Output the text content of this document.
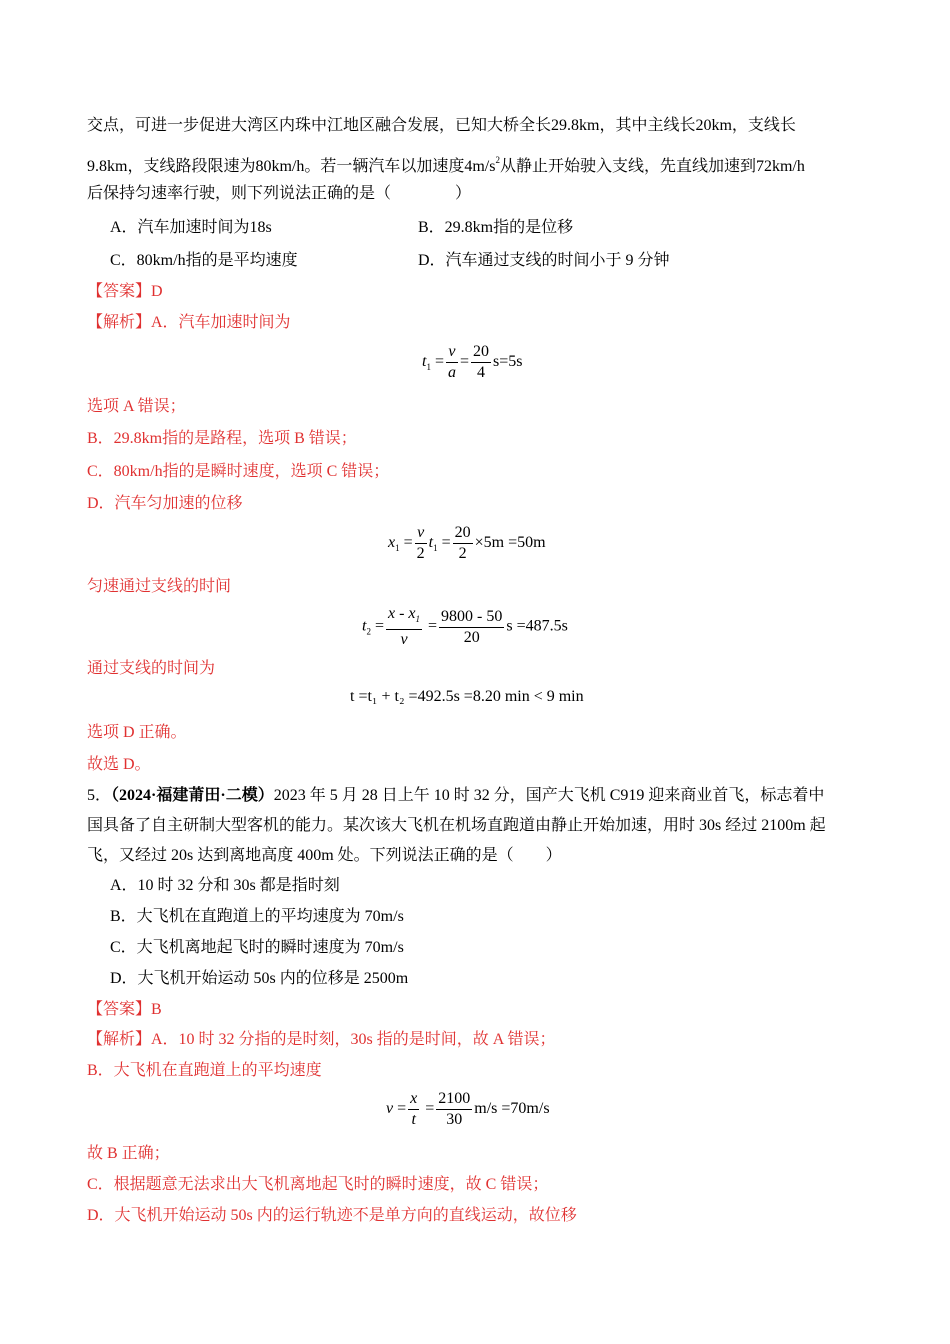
交点，可进一步促进大湾区内珠中江地区融合发展，已知大桥全长29.8km，其中主线长20km，支线长
9.8km，支线路段限速为80km/h。若一辆汽车以加速度$4m/s^2$从静止开始驶入支线，先直线加速到72km/h
后保持匀速率行驶，则下列说法正确的是（　　　　）
A．汽车加速时间为18s	B．29.8km指的是位移
C．80km/h指的是平均速度	D．汽车通过支线的时间小于 9 分钟
【答案】D
【解析】A．汽车加速时间为
$t_1 = \frac{v}{a} = \frac{20}{4} s=5s$
选项 A 错误；
B．29.8km指的是路程，选项 B 错误；
C．80km/h指的是瞬时速度，选项 C 错误；
D．汽车匀加速的位移
$x_1 = \frac{v}{2} t_1 = \frac{20}{2} \times 5m =50m$
匀速通过支线的时间
$t_2 = \frac{x - x_1}{v} = \frac{9800 - 50}{20}$ s =487.5s
通过支线的时间为
t =t₁ + t₂ =492.5s =8.20 min < 9 min
选项 D 正确。
故选 D。
5．（2024·福建莆田·二模）2023 年 5 月 28 日上午 10 时 32 分，国产大飞机 C919 迎来商业首飞，标志着中
国具备了自主研制大型客机的能力。某次该大飞机在机场直跑道由静止开始加速，用时 30s 经过 2100m 起
飞，又经过 20s 达到离地高度 400m 处。下列说法正确的是（　　）
A．10 时 32 分和 30s 都是指时刻
B．大飞机在直跑道上的平均速度为 70m/s
C．大飞机离地起飞时的瞬时速度为 70m/s
D．大飞机开始运动 50s 内的位移是 2500m
【答案】B
【解析】A．10 时 32 分指的是时刻，30s 指的是时间，故 A 错误；
B．大飞机在直跑道上的平均速度
$v = \frac{x}{t} = \frac{2100}{30} m/s =70m/s$
故 B 正确；
C．根据题意无法求出大飞机离地起飞时的瞬时速度，故 C 错误；
D．大飞机开始运动 50s 内的运行轨迹不是单方向的直线运动，故位移
